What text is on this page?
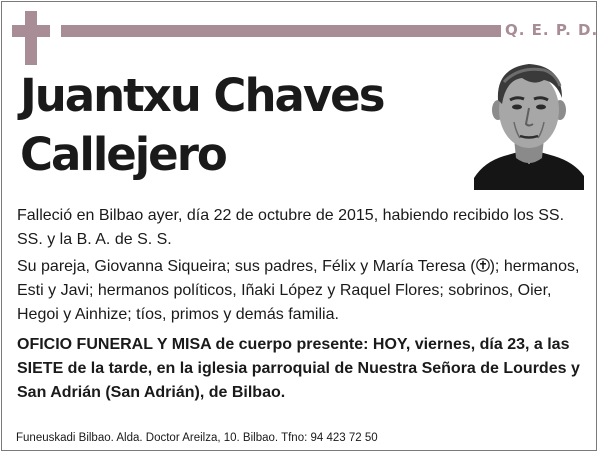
Q. E. P. D.
Juantxu Chaves
Callejero
Falleció en Bilbao ayer, día 22 de octubre de 2015, habiendo recibido los SS. SS. y la B. A. de S. S.
Su pareja, Giovanna Siqueira; sus padres, Félix y María Teresa ( ); hermanos, Esti y Javi; hermanos políticos, Iñaki López y Raquel Flores; sobrinos, Oier, Hegoi y Ainhize; tíos, primos y demás familia.
OFICIO FUNERAL Y MISA de cuerpo presente: HOY, viernes, día 23, a las SIETE de la tarde, en la iglesia parroquial de Nuestra Señora de Lourdes y San Adrián (San Adrián), de Bilbao.
Funeuskadi Bilbao. Alda. Doctor Areilza, 10. Bilbao. Tfno: 94 423 72 50
